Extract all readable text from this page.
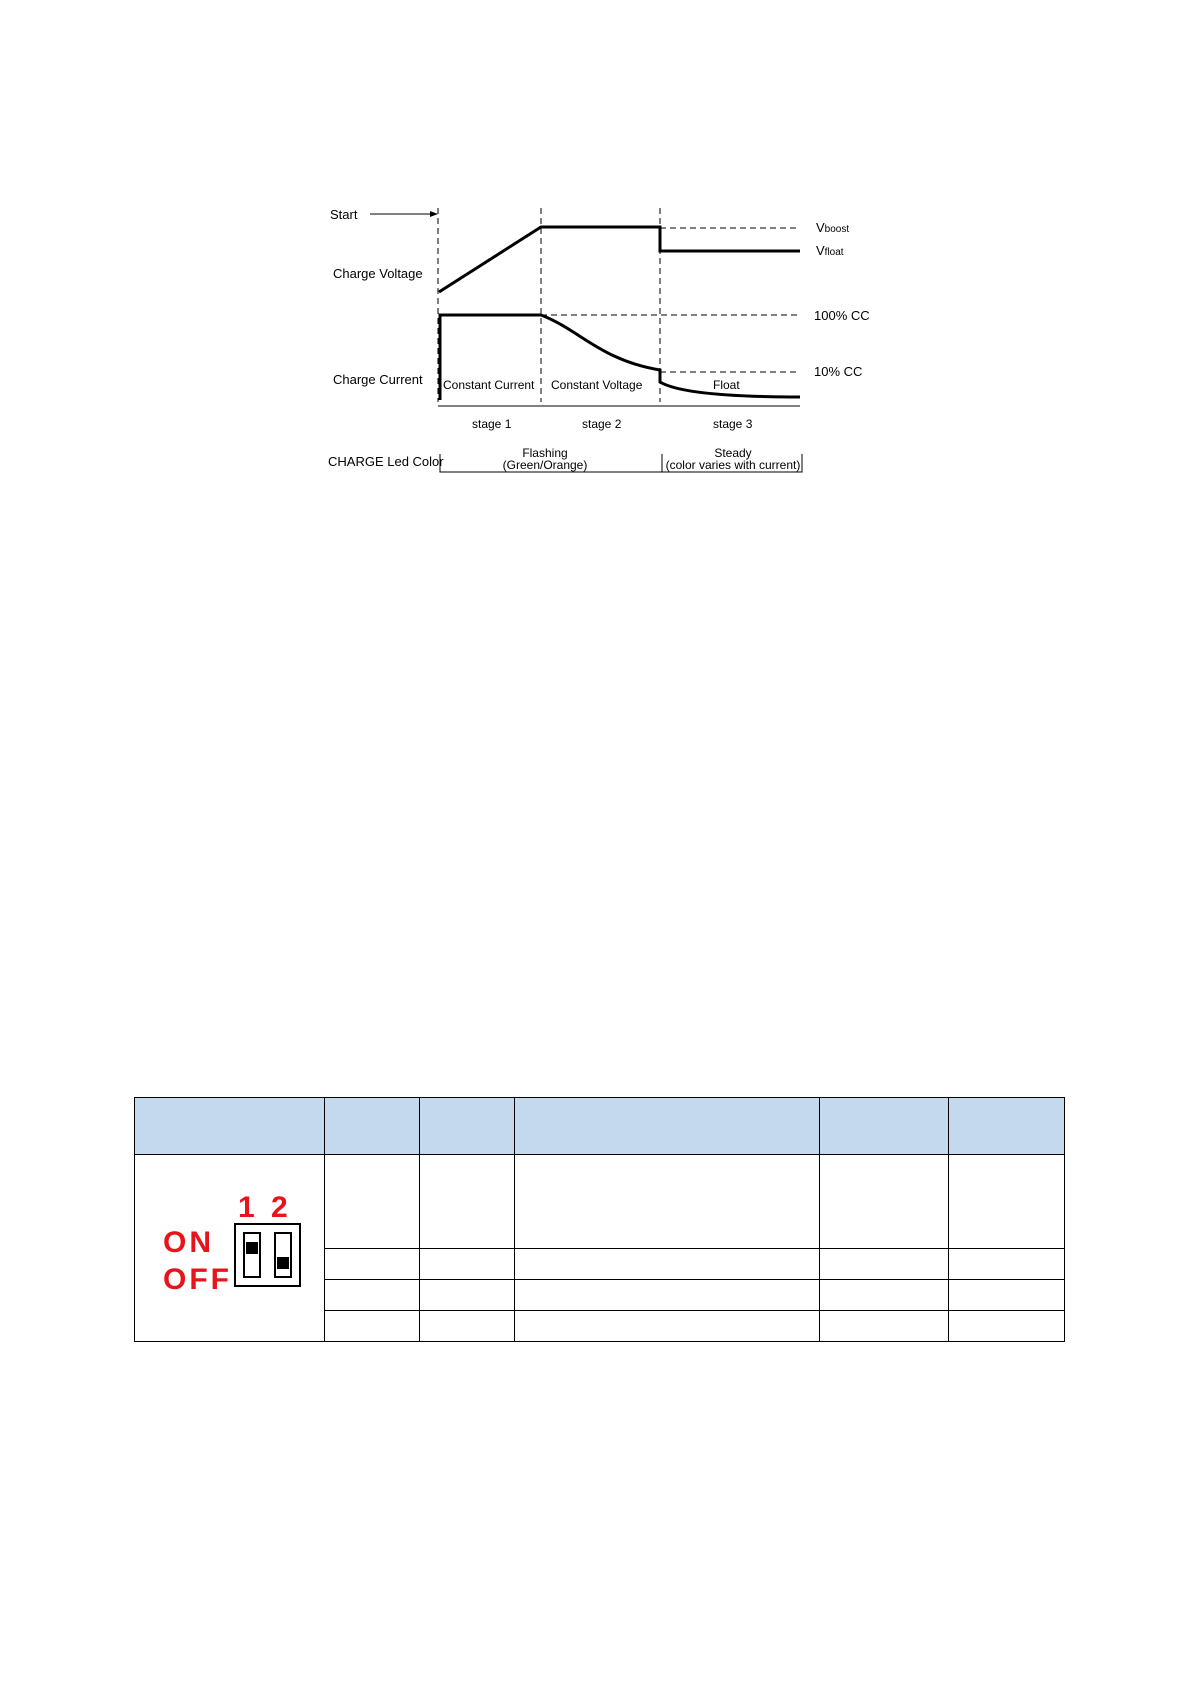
Start
Charge Voltage
Charge Current
CHARGE Led Color
Vboost
Vfloat
100% CC
10% CC
Constant Current Constant Voltage	Float
stage 1	stage 2	stage 3
Flashing
(Green/Orange)
Steady
(color varies with current)

1 2
ON
OFF					
